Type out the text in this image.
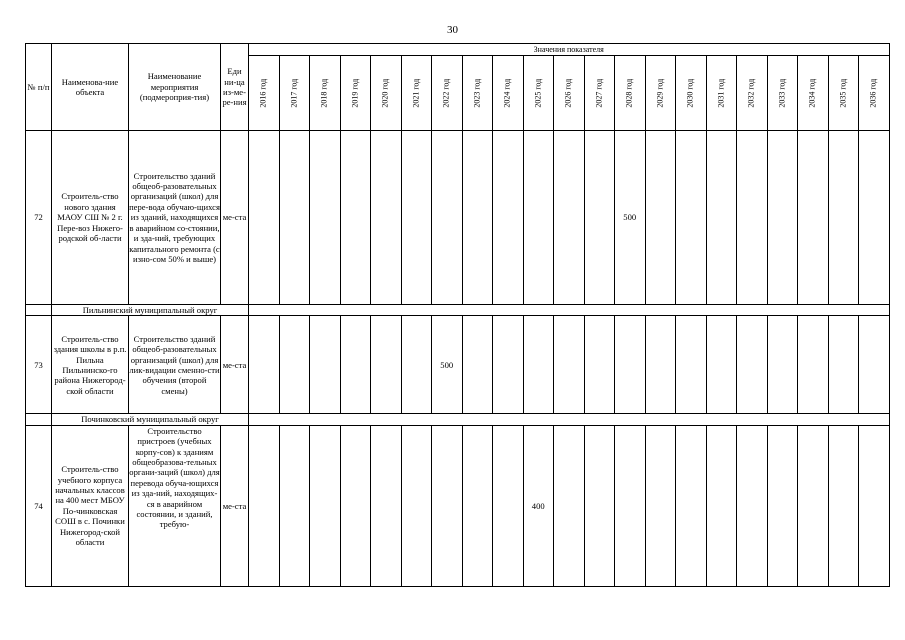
30
№ п/п	Наименова-ние объекта	Наименование мероприятия (подмероприя-тия)	Еди ни-ца из-ме-ре-ния	Значения показателя																				
				2016 год	2017 год	2018 год	2019 год	2020 год	2021 год	2022 год	2023 год	2024 год	2025 год	2026 год	2027 год	2028 год	2029 год	2030 год	2031 год	2032 год	2033 год	2034 год	2035 год	2036 год
72	Строитель-ство нового здания МАОУ СШ № 2 г. Пере-воз Нижего-родской об-ласти	Строительство зданий общеоб-разовательных организаций (школ) для пере-вода обучаю-щихся из зданий, находящихся в аварийном со-стоянии, и зда-ний, требующих капитального ремонта (с изно-сом 50% и выше)	ме-ста													500								
	Пильнинский муниципальный округ																							
73	Строитель-ство здания школы в р.п. Пильна Пильнинско-го района Нижегород-ской области	Строительство зданий общеоб-разовательных организаций (школ) для лик-видации сменно-сти обучения (второй смены)	ме-ста							500														
	Починковский муниципальный округ																							
74	Строитель-ство учебного корпуса начальных классов на 400 мест МБОУ По-чинковская СОШ в с. Починки Нижегород-ской области	Строительство пристроев (учебных корпу-сов) к зданиям общеобразова-тельных органи-заций (школ) для перевода обуча-ющихся из зда-ний, находящих-ся в аварийном состоянии, и зданий, требую-	ме-ста										400											
